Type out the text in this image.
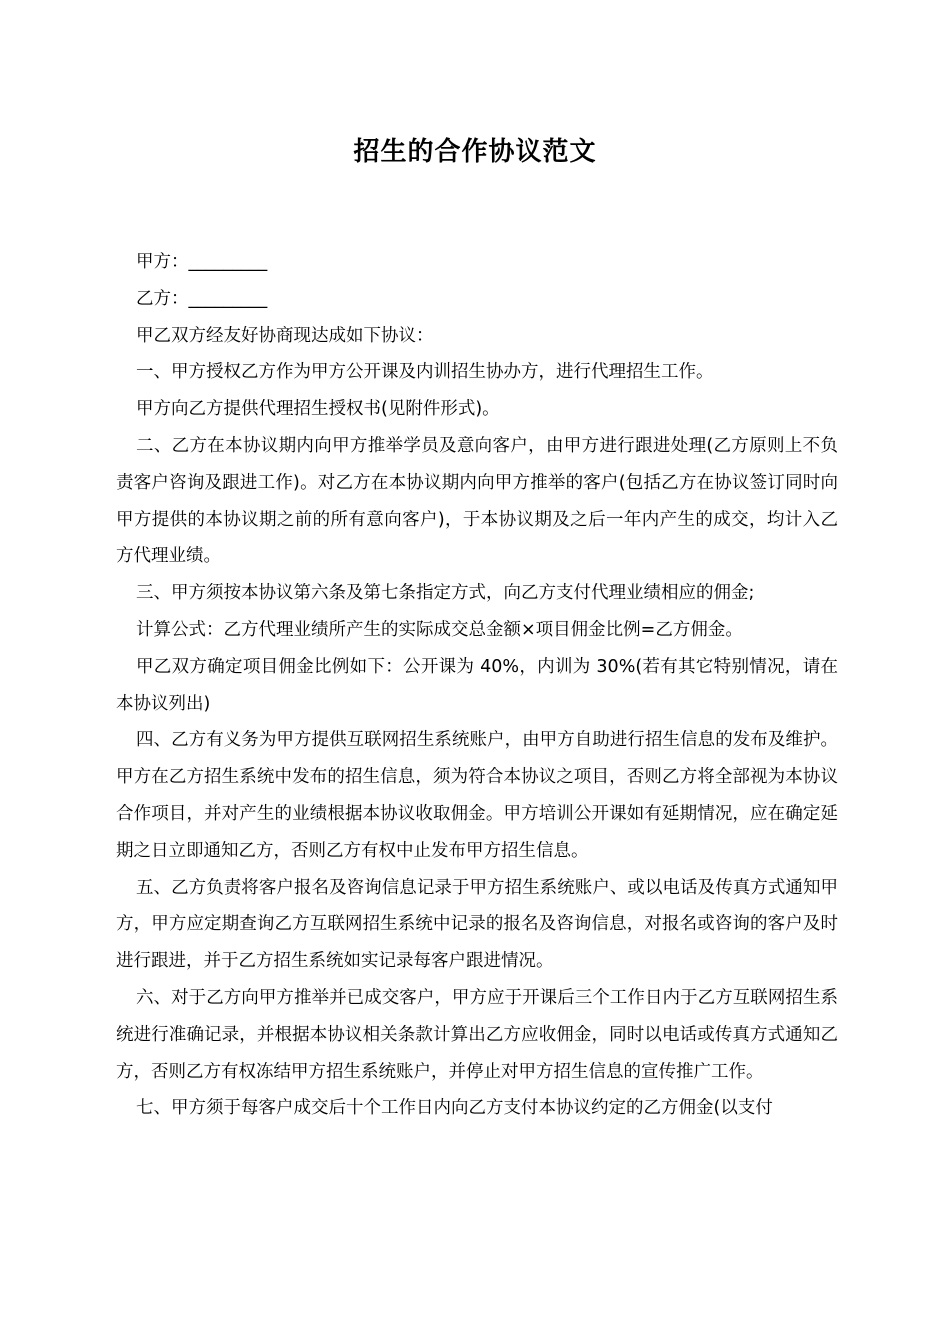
招生的合作协议范文

甲方：_________

乙方：_________

甲乙双方经友好协商现达成如下协议：

一、甲方授权乙方作为甲方公开课及内训招生协办方，进行代理招生工作。

甲方向乙方提供代理招生授权书(见附件形式)。

二、乙方在本协议期内向甲方推举学员及意向客户，由甲方进行跟进处理(乙方原则上不负责客户咨询及跟进工作)。对乙方在本协议期内向甲方推举的客户(包括乙方在协议签订同时向甲方提供的本协议期之前的所有意向客户)，于本协议期及之后一年内产生的成交，均计入乙方代理业绩。

三、甲方须按本协议第六条及第七条指定方式，向乙方支付代理业绩相应的佣金;

计算公式：乙方代理业绩所产生的实际成交总金额×项目佣金比例=乙方佣金。

甲乙双方确定项目佣金比例如下：公开课为 40%，内训为 30%(若有其它特别情况，请在本协议列出)

四、乙方有义务为甲方提供互联网招生系统账户，由甲方自助进行招生信息的发布及维护。甲方在乙方招生系统中发布的招生信息，须为符合本协议之项目，否则乙方将全部视为本协议合作项目，并对产生的业绩根据本协议收取佣金。甲方培训公开课如有延期情况，应在确定延期之日立即通知乙方，否则乙方有权中止发布甲方招生信息。

五、乙方负责将客户报名及咨询信息记录于甲方招生系统账户、或以电话及传真方式通知甲方，甲方应定期查询乙方互联网招生系统中记录的报名及咨询信息，对报名或咨询的客户及时进行跟进，并于乙方招生系统如实记录每客户跟进情况。

六、对于乙方向甲方推举并已成交客户，甲方应于开课后三个工作日内于乙方互联网招生系统进行准确记录，并根据本协议相关条款计算出乙方应收佣金，同时以电话或传真方式通知乙方，否则乙方有权冻结甲方招生系统账户，并停止对甲方招生信息的宣传推广工作。

七、甲方须于每客户成交后十个工作日内向乙方支付本协议约定的乙方佣金(以支付
